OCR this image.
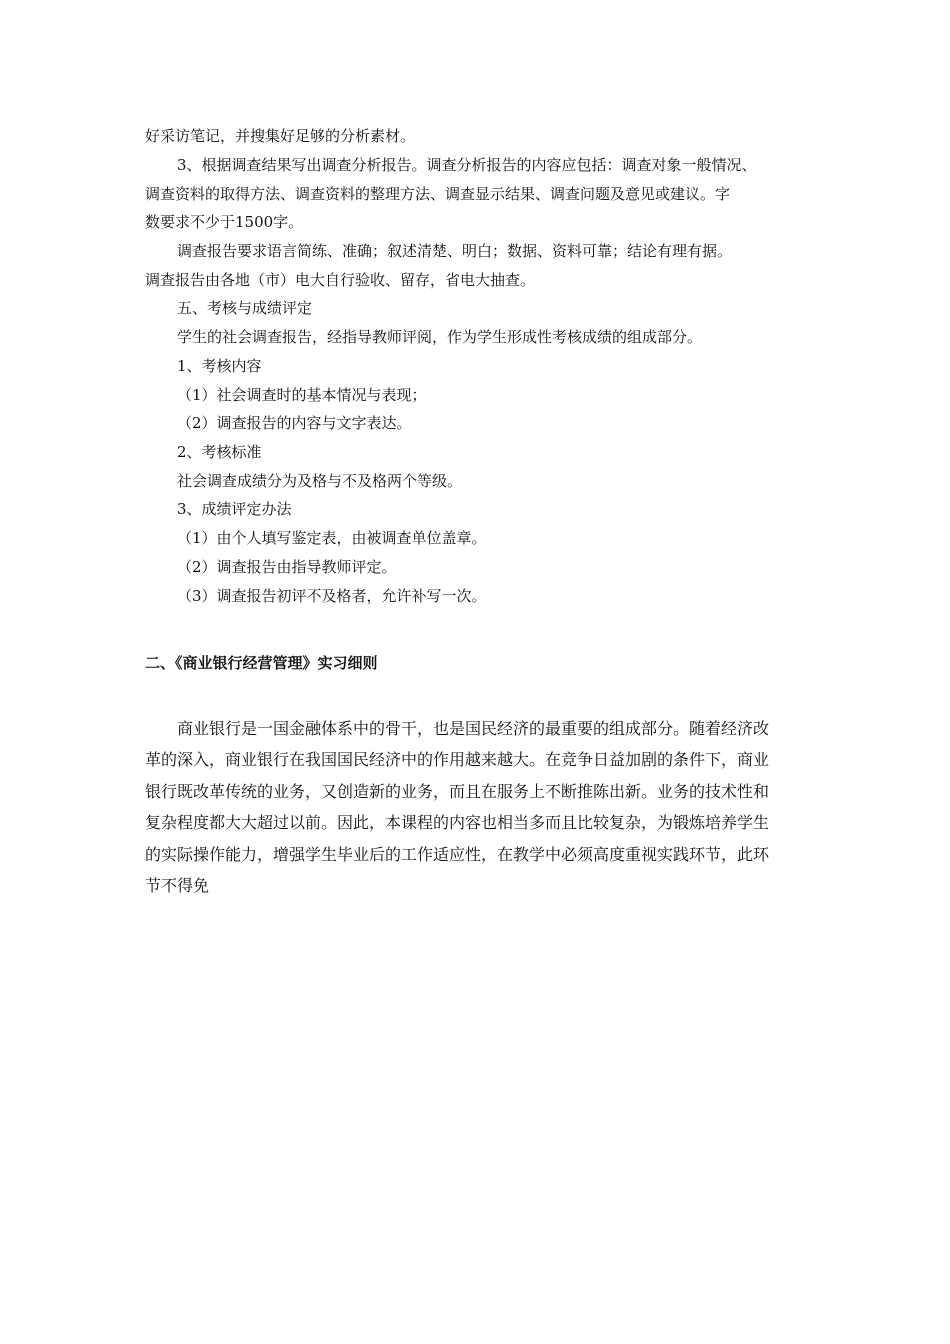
好采访笔记，并搜集好足够的分析素材。
3、根据调查结果写出调查分析报告。调查分析报告的内容应包括：调查对象一般情况、
调查资料的取得方法、调查资料的整理方法、调查显示结果、调查问题及意见或建议。字
数要求不少于1500字。
调查报告要求语言简练、准确；叙述清楚、明白；数据、资料可靠；结论有理有据。
调查报告由各地（市）电大自行验收、留存，省电大抽查。
五、考核与成绩评定
学生的社会调查报告，经指导教师评阅，作为学生形成性考核成绩的组成部分。
1、考核内容
（1）社会调查时的基本情况与表现；
（2）调查报告的内容与文字表达。
2、考核标准
社会调查成绩分为及格与不及格两个等级。
3、成绩评定办法
（1）由个人填写鉴定表，由被调查单位盖章。
（2）调查报告由指导教师评定。
（3）调查报告初评不及格者，允许补写一次。
二、《商业银行经营管理》实习细则
商业银行是一国金融体系中的骨干，也是国民经济的最重要的组成部分。随着经济改
革的深入，商业银行在我国国民经济中的作用越来越大。在竞争日益加剧的条件下，商业
银行既改革传统的业务，又创造新的业务，而且在服务上不断推陈出新。业务的技术性和
复杂程度都大大超过以前。因此，本课程的内容也相当多而且比较复杂，为锻炼培养学生
的实际操作能力，增强学生毕业后的工作适应性，在教学中必须高度重视实践环节，此环
节不得免
